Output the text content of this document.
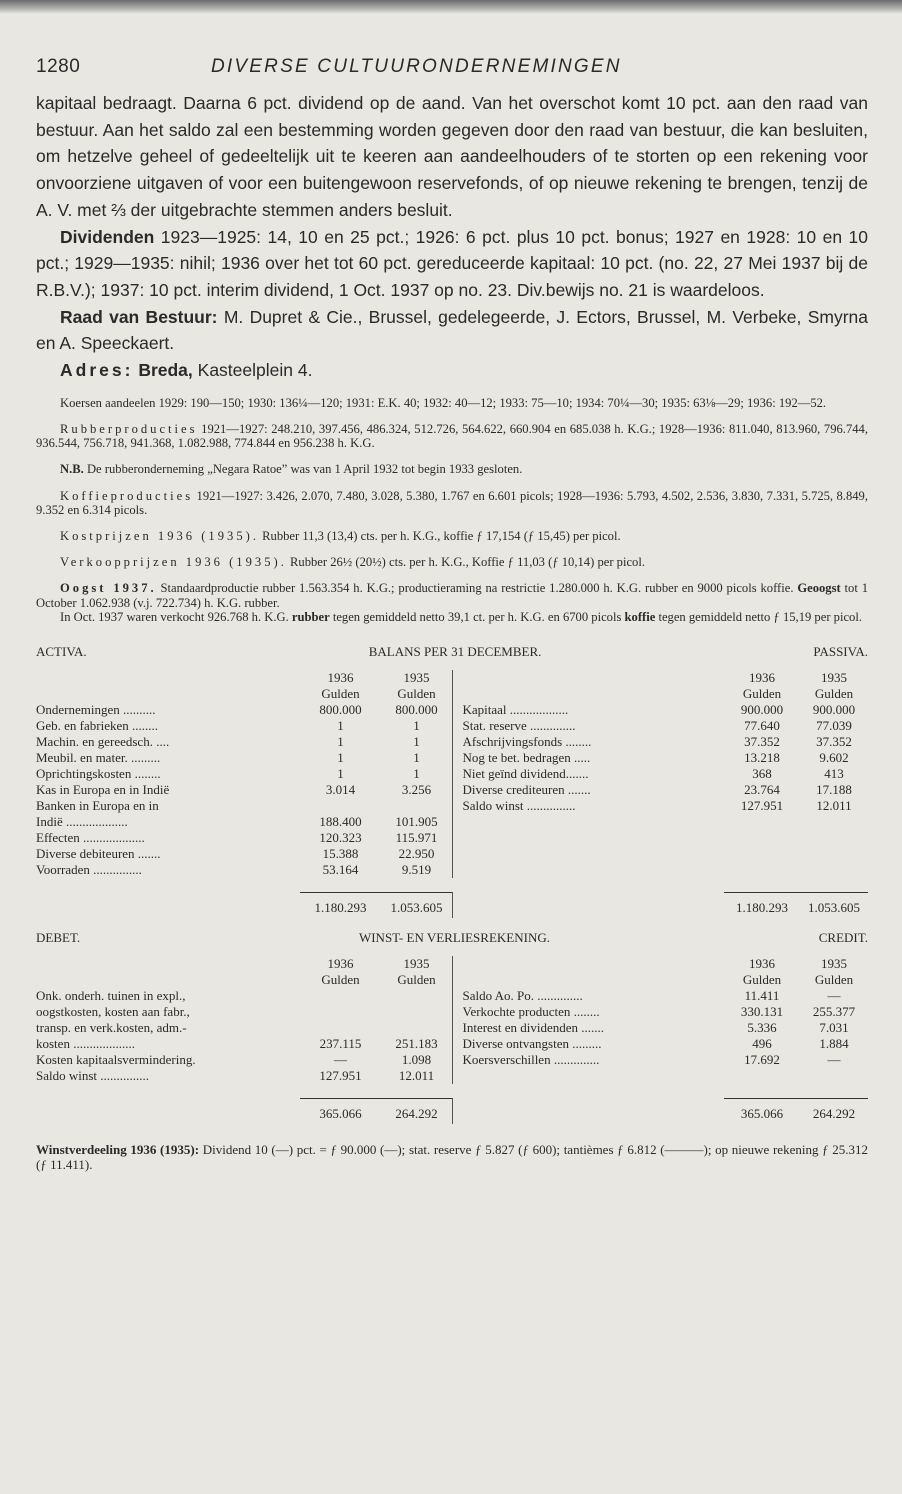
1280	DIVERSE CULTUURONDERNEMINGEN

kapitaal bedraagt. Daarna 6 pct. dividend op de aand. Van het overschot komt 10 pct. aan den raad van bestuur. Aan het saldo zal een bestemming worden gegeven door den raad van bestuur, die kan besluiten, om hetzelve geheel of gedeeltelijk uit te keeren aan aandeelhouders of te storten op een rekening voor onvoorziene uitgaven of voor een buitengewoon reservefonds, of op nieuwe rekening te brengen, tenzij de A. V. met ⅔ der uitgebrachte stemmen anders besluit.

Dividenden 1923—1925: 14, 10 en 25 pct.; 1926: 6 pct. plus 10 pct. bonus; 1927 en 1928: 10 en 10 pct.; 1929—1935: nihil; 1936 over het tot 60 pct. gereduceerde kapitaal: 10 pct. (no. 22, 27 Mei 1937 bij de R.B.V.); 1937: 10 pct. interim dividend, 1 Oct. 1937 op no. 23. Div.bewijs no. 21 is waardeloos.

Raad van Bestuur: M. Dupret & Cie., Brussel, gedelegeerde, J. Ectors, Brussel, M. Verbeke, Smyrna en A. Speeckaert.

Adres: Breda, Kasteelplein 4.

Koersen aandeelen 1929: 190—150; 1930: 136¼—120; 1931: E.K. 40; 1932: 40—12; 1933: 75—10; 1934: 70¼—30; 1935: 63⅛—29; 1936: 192—52.

Rubberproducties 1921—1927: 248.210, 397.456, 486.324, 512.726, 564.622, 660.904 en 685.038 h. K.G.; 1928—1936: 811.040, 813.960, 796.744, 936.544, 756.718, 941.368, 1.082.988, 774.844 en 956.238 h. K.G.

N.B. De rubberonderneming „Negara Ratoe” was van 1 April 1932 tot begin 1933 gesloten.

Koffieproducties 1921—1927: 3.426, 2.070, 7.480, 3.028, 5.380, 1.767 en 6.601 picols; 1928—1936: 5.793, 4.502, 2.536, 3.830, 7.331, 5.725, 8.849, 9.352 en 6.314 picols.

Kostprijzen 1936 (1935). Rubber 11,3 (13,4) cts. per h. K.G., koffie ƒ 17,154 (ƒ 15,45) per picol.

Verkoopprijzen 1936 (1935). Rubber 26½ (20½) cts. per h. K.G., Koffie ƒ 11,03 (ƒ 10,14) per picol.

Oogst 1937. Standaardproductie rubber 1.563.354 h. K.G.; productieraming na restrictie 1.280.000 h. K.G. rubber en 9000 picols koffie. Geoogst tot 1 October 1.062.938 (v.j. 722.734) h. K.G. rubber.

In Oct. 1937 waren verkocht 926.768 h. K.G. rubber tegen gemiddeld netto 39,1 ct. per h. K.G. en 6700 picols koffie tegen gemiddeld netto ƒ 15,19 per picol.

ACTIVA.	BALANS PER 31 DECEMBER.	PASSIVA.
1936	1935
Gulden	Gulden
Ondernemingen ..........	800.000	800.000
Geb. en fabrieken ........	1	1
Machin. en gereedsch. ....	1	1
Meubil. en mater. .........	1	1
Oprichtingskosten ........	1	1
Kas in Europa en in Indië	3.014	3.256
Banken in Europa en in
Indië ...................	188.400	101.905
Effecten ...................	120.323	115.971
Diverse debiteuren .......	15.388	22.950
Voorraden ...............	53.164	9.519
1936	1935
Gulden	Gulden
Kapitaal ..................	900.000	900.000
Stat. reserve ..............	77.640	77.039
Afschrijvingsfonds ........	37.352	37.352
Nog te bet. bedragen .....	13.218	9.602
Niet geïnd dividend.......	368	413
Diverse crediteuren .......	23.764	17.188
Saldo winst ...............	127.951	12.011
1.180.293	1.053.605	1.180.293	1.053.605
DEBET.	WINST- EN VERLIESREKENING.	CREDIT.
1936	1935
Gulden	Gulden
Onk. onderh. tuinen in expl.,
oogstkosten, kosten aan fabr.,
transp. en verk.kosten, adm.-
kosten ...................	237.115	251.183
Kosten kapitaalsvermindering.	—	1.098
Saldo winst ...............	127.951	12.011
1936	1935
Gulden	Gulden
Saldo Ao. Po. ..............	11.411	—
Verkochte producten ........	330.131	255.377
Interest en dividenden .......	5.336	7.031
Diverse ontvangsten .........	496	1.884
Koersverschillen ..............	17.692	—
365.066	264.292	365.066	264.292

Winstverdeeling 1936 (1935): Dividend 10 (—) pct. = ƒ 90.000 (—); stat. reserve ƒ 5.827 (ƒ 600); tantièmes ƒ 6.812 (———); op nieuwe rekening ƒ 25.312 (ƒ 11.411).
